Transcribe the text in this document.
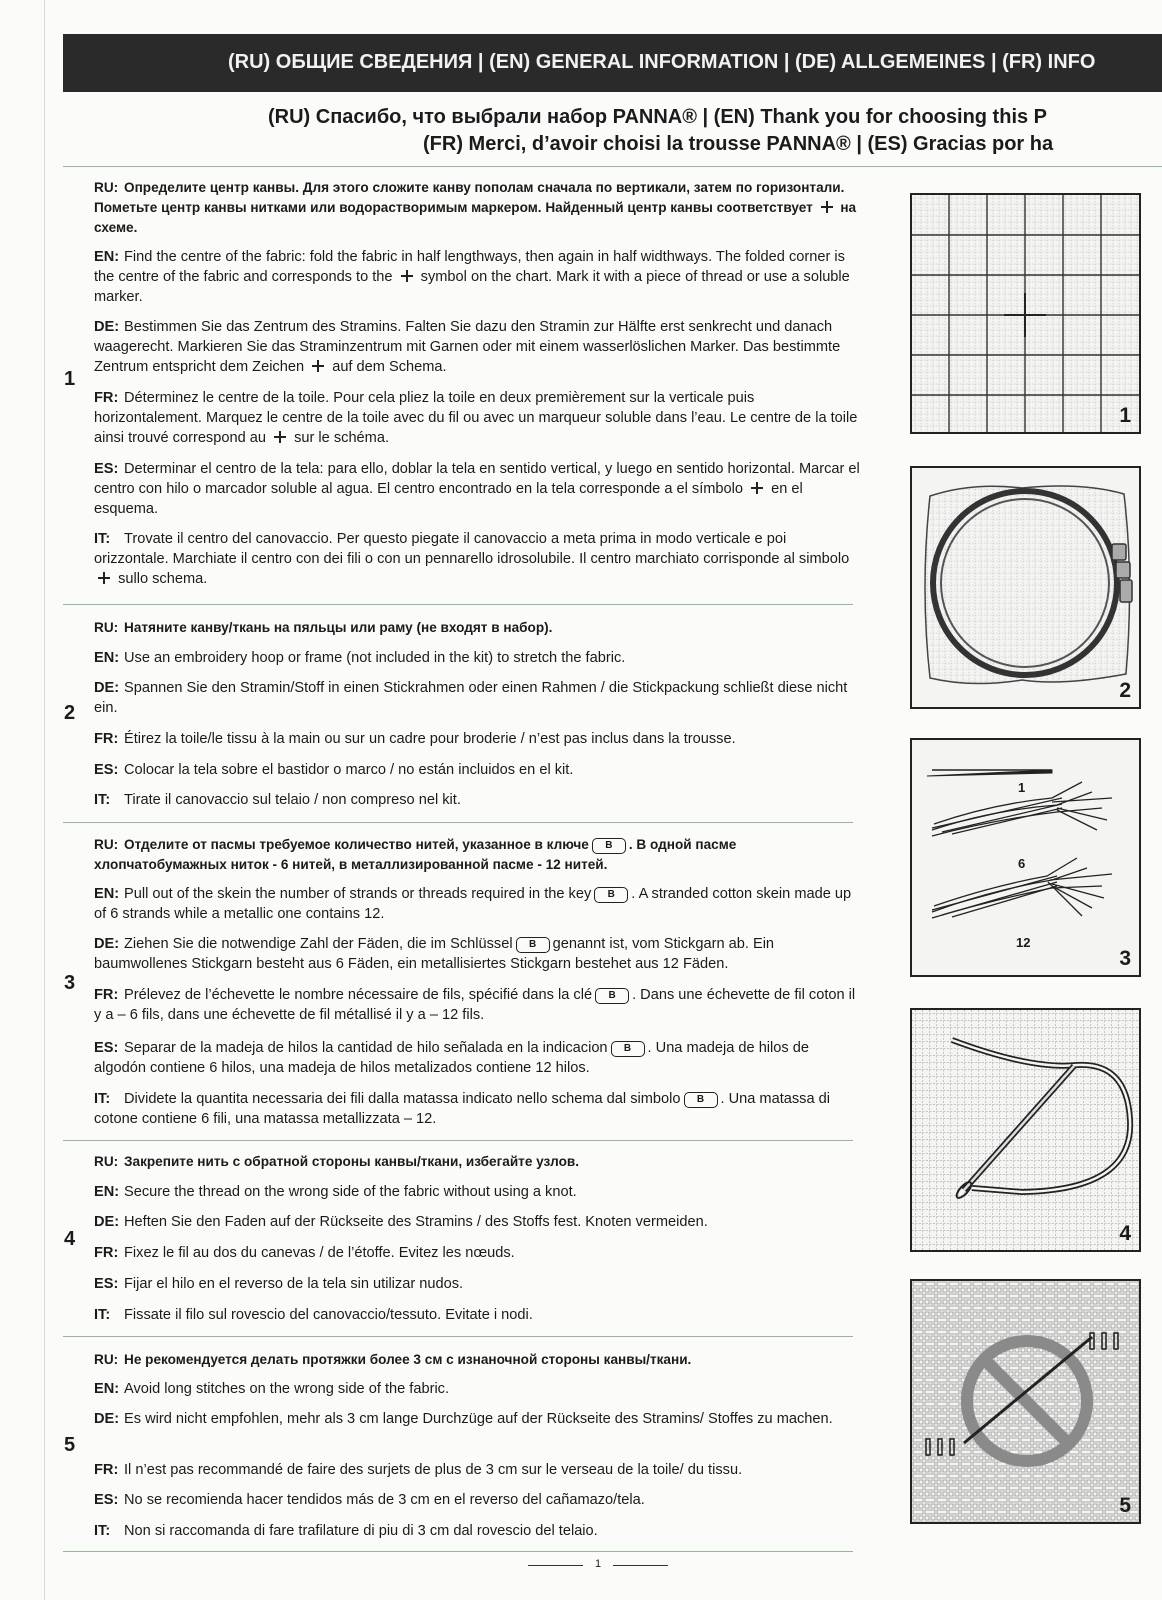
(RU) ОБЩИЕ СВЕДЕНИЯ | (EN) GENERAL INFORMATION | (DE) ALLGEMEINES | (FR) INFO
(RU) Спасибо, что выбрали набор PANNA® | (EN) Thank you for choosing this P
(FR) Merci, d’avoir choisi la trousse PANNA® | (ES) Gracias por ha
1
RU: Определите центр канвы. Для этого сложите канву пополам сначала по вертикали, затем по горизонтали. Пометьте центр канвы нитками или водорастворимым маркером. Найденный центр канвы соответствует на схеме.
EN: Find the centre of the fabric: fold the fabric in half lengthways, then again in half widthways. The folded corner is the centre of the fabric and corresponds to the symbol on the chart. Mark it with a piece of thread or use a soluble marker.
DE: Bestimmen Sie das Zentrum des Stramins. Falten Sie dazu den Stramin zur Hälfte erst senkrecht und danach waagerecht. Markieren Sie das Straminzentrum mit Garnen oder mit einem wasserlöslichen Marker. Das bestimmte Zentrum entspricht dem Zeichen auf dem Schema.
FR: Déterminez le centre de la toile. Pour cela pliez la toile en deux premièrement sur la verticale puis horizontalement. Marquez le centre de la toile avec du fil ou avec un marqueur soluble dans l’eau. Le centre de la toile ainsi trouvé correspond au sur le schéma.
ES: Determinar el centro de la tela: para ello, doblar la tela en sentido vertical, y luego en sentido horizontal. Marcar el centro con hilo o marcador soluble al agua. El centro encontrado en la tela corresponde a el símbolo en el esquema.
IT: Trovate il centro del canovaccio. Per questo piegate il canovaccio a meta prima in modo verticale e poi orizzontale. Marchiate il centro con dei fili o con un pennarello idrosolubile. Il centro marchiato corrisponde al simbolo  sullo schema.
2
RU: Натяните канву/ткань на пяльцы или раму (не входят в набор).
EN: Use an embroidery hoop or frame (not included in the kit) to stretch the fabric.
DE: Spannen Sie den Stramin/Stoff in einen Stickrahmen oder einen Rahmen / die Stickpackung schließt diese nicht ein.
FR: Étirez la toile/le tissu à la main ou sur un cadre pour broderie / n’est pas inclus dans la trousse.
ES: Colocar la tela sobre el bastidor o marco / no están incluidos en el kit.
IT: Tirate il canovaccio sul telaio / non compreso nel kit.
3
RU: Отделите от пасмы требуемое количество нитей, указанное в ключе B . В одной пасме хлопчатобумажных ниток - 6 нитей, в металлизированной пасме - 12 нитей.
EN: Pull out of the skein the number of strands or threads required in the key B . A stranded cotton skein made up of 6 strands while a metallic one contains 12.
DE: Ziehen Sie die notwendige Zahl der Fäden, die im Schlüssel B genannt ist, vom Stickgarn ab. Ein baumwollenes Stickgarn besteht aus 6 Fäden, ein metallisiertes Stickgarn bestehet aus 12 Fäden.
FR: Prélevez de l’échevette le nombre nécessaire de fils, spécifié dans la clé B . Dans une échevette de fil coton il y a – 6 fils, dans une échevette de fil métallisé il y a – 12 fils.
ES: Separar de la madeja de hilos la cantidad de hilo señalada en la indicacion B . Una madeja de hilos de algodón contiene 6 hilos, una madeja de hilos metalizados contiene 12 hilos.
IT: Dividete la quantita necessaria dei fili dalla matassa indicato nello schema dal simbolo B . Una matassa di cotone contiene 6 fili, una matassa metallizzata – 12.
4
RU: Закрепите нить с обратной стороны канвы/ткани, избегайте узлов.
EN: Secure the thread on the wrong side of the fabric without using a knot.
DE: Heften Sie den Faden auf der Rückseite des Stramins / des Stoffs fest. Knoten vermeiden.
FR: Fixez le fil au dos du canevas / de l’étoffe. Evitez les nœuds.
ES: Fijar el hilo en el reverso de la tela sin utilizar nudos.
IT: Fissate il filo sul rovescio del canovaccio/tessuto. Evitate i nodi.
5
RU: Не рекомендуется делать протяжки более 3 см с изнаночной стороны канвы/ткани.
EN: Avoid long stitches on the wrong side of the fabric.
DE: Es wird nicht empfohlen, mehr als 3 cm lange Durchzüge auf der Rückseite des Stramins/ Stoffes zu machen.
FR: Il n’est pas recommandé de faire des surjets de plus de 3 cm sur le verseau de la toile/ du tissu.
ES: No se recomienda hacer tendidos más de 3 cm en el reverso del cañamazo/tela.
IT: Non si raccomanda di fare trafilature di piu di 3 cm dal rovescio del telaio.
1
2
1
6
12
3
4
5
1
